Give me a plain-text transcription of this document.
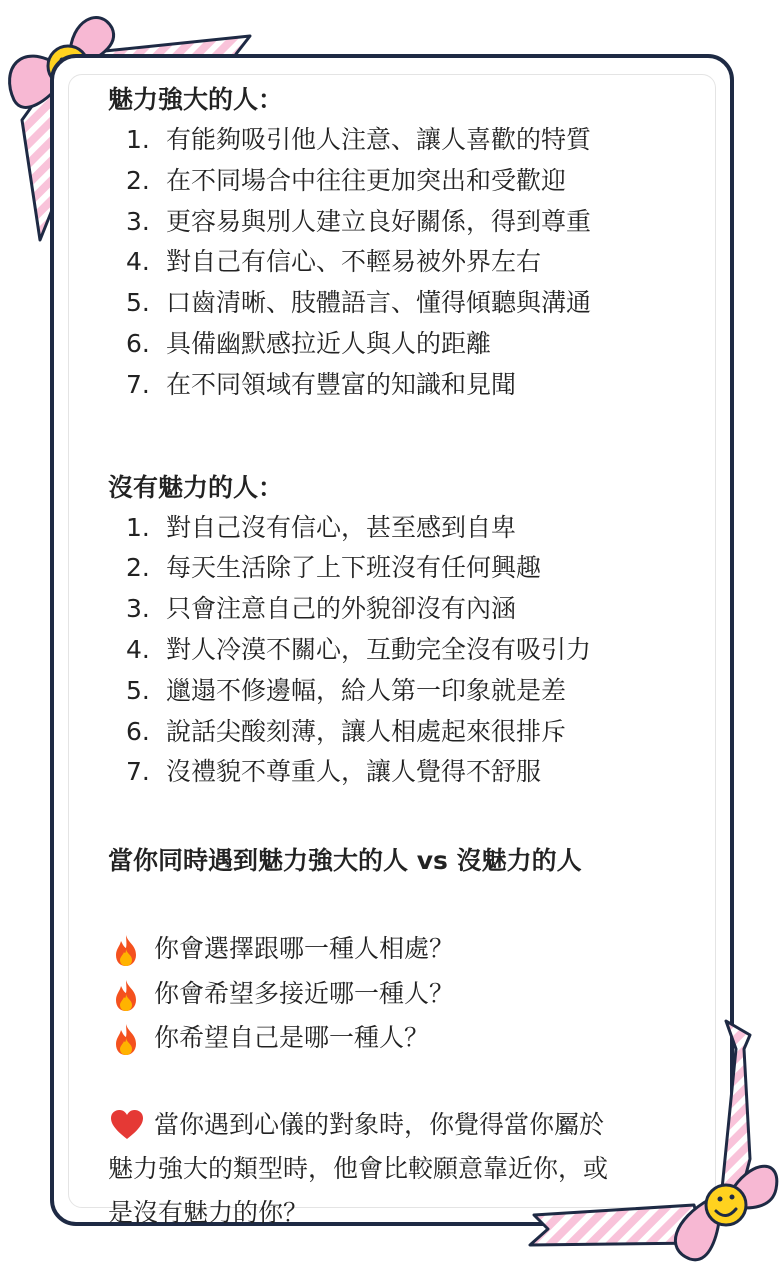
魅力強大的人：
1. 有能夠吸引他人注意、讓人喜歡的特質
2. 在不同場合中往往更加突出和受歡迎
3. 更容易與別人建立良好關係，得到尊重
4. 對自己有信心、不輕易被外界左右
5. 口齒清晰、肢體語言、懂得傾聽與溝通
6. 具備幽默感拉近人與人的距離
7. 在不同領域有豐富的知識和見聞
沒有魅力的人：
1. 對自己沒有信心，甚至感到自卑
2. 每天生活除了上下班沒有任何興趣
3. 只會注意自己的外貌卻沒有內涵
4. 對人冷漠不關心，互動完全沒有吸引力
5. 邋遢不修邊幅，給人第一印象就是差
6. 說話尖酸刻薄，讓人相處起來很排斥
7. 沒禮貌不尊重人，讓人覺得不舒服
當你同時遇到魅力強大的人 vs 沒魅力的人
你會選擇跟哪一種人相處？
你會希望多接近哪一種人？
你希望自己是哪一種人？
當你遇到心儀的對象時，你覺得當你屬於
魅力強大的類型時，他會比較願意靠近你，或
是沒有魅力的你？
